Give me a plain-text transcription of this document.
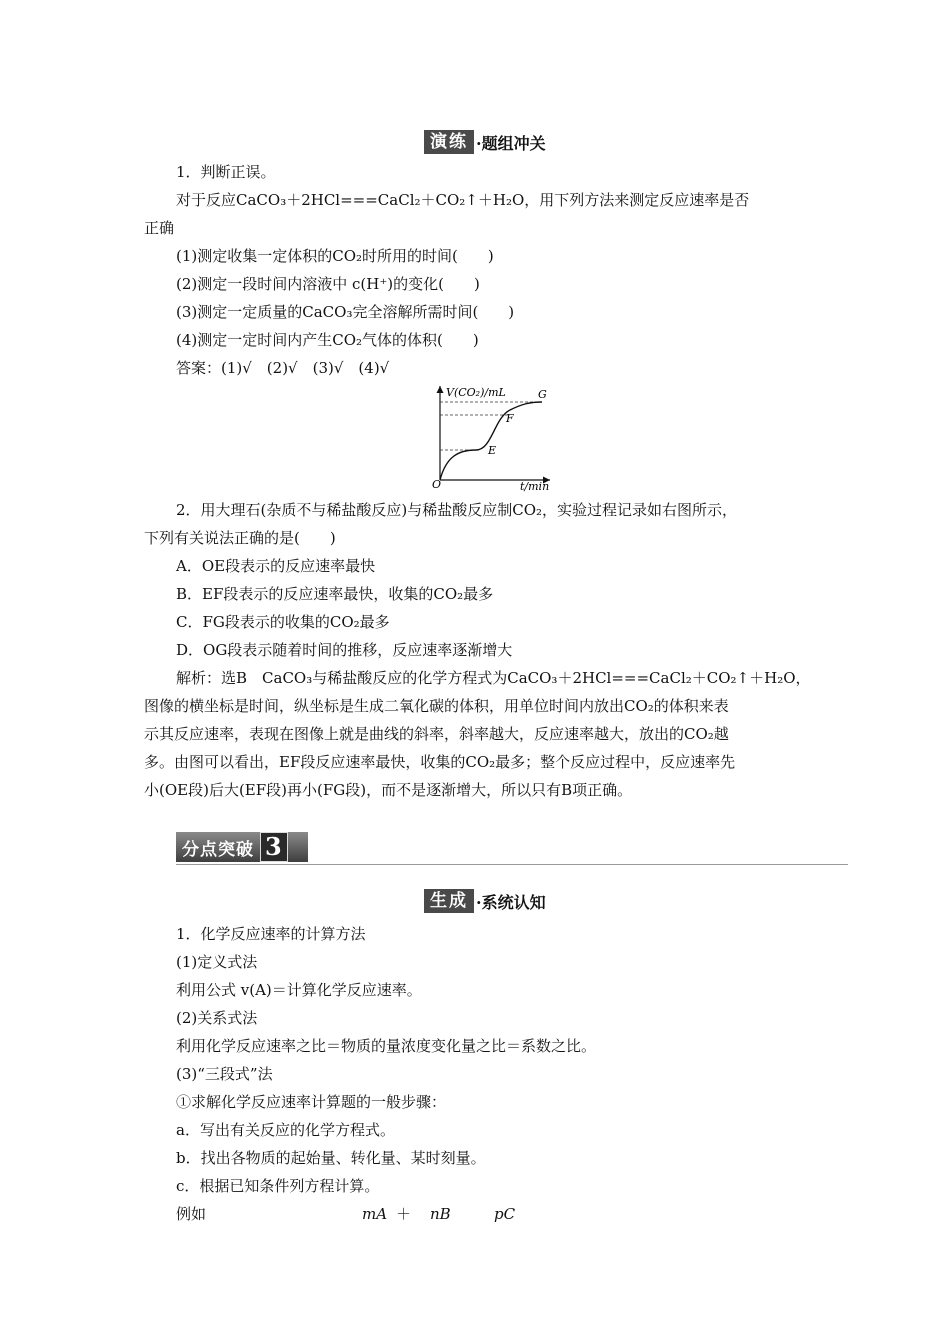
演练 ·题组冲关
1．判断正误。
对于反应CaCO₃＋2HCl===CaCl₂＋CO₂↑＋H₂O，用下列方法来测定反应速率是否
正确
(1)测定收集一定体积的CO₂时所用的时间(　　)
(2)测定一段时间内溶液中 c(H⁺)的变化(　　)
(3)测定一定质量的CaCO₃完全溶解所需时间(　　)
(4)测定一定时间内产生CO₂气体的体积(　　)
答案：(1)√　(2)√　(3)√　(4)√
V(CO₂)/mL
t/min
O
E
F
G
2．用大理石(杂质不与稀盐酸反应)与稀盐酸反应制CO₂，实验过程记录如右图所示，
下列有关说法正确的是(　　)
A．OE段表示的反应速率最快
B．EF段表示的反应速率最快，收集的CO₂最多
C．FG段表示的收集的CO₂最多
D．OG段表示随着时间的推移，反应速率逐渐增大
解析：选B　CaCO₃与稀盐酸反应的化学方程式为CaCO₃＋2HCl===CaCl₂＋CO₂↑＋H₂O，
图像的横坐标是时间，纵坐标是生成二氧化碳的体积，用单位时间内放出CO₂的体积来表
示其反应速率，表现在图像上就是曲线的斜率，斜率越大，反应速率越大，放出的CO₂越
多。由图可以看出，EF段反应速率最快，收集的CO₂最多；整个反应过程中，反应速率先
小(OE段)后大(EF段)再小(FG段)，而不是逐渐增大，所以只有B项正确。
分点突破 3
生成 ·系统认知
1．化学反应速率的计算方法
(1)定义式法
利用公式 v(A)＝计算化学反应速率。
(2)关系式法
利用化学反应速率之比＝物质的量浓度变化量之比＝系数之比。
(3)“三段式”法
①求解化学反应速率计算题的一般步骤：
a．写出有关反应的化学方程式。
b．找出各物质的起始量、转化量、某时刻量。
c．根据已知条件列方程计算。
例如	mA ＋ nB	pC
